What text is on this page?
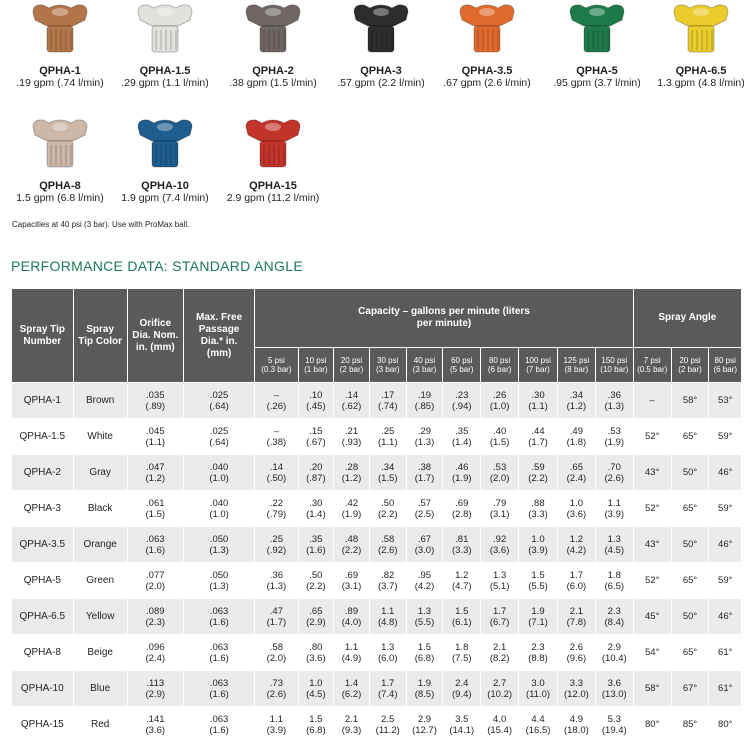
QPHA-1
.19 gpm (.74 l/min)
QPHA-1.5
.29 gpm (1.1 l/min)
QPHA-2
.38 gpm (1.5 l/min)
QPHA-3
.57 gpm (2.2 l/min)
QPHA-3.5
.67 gpm (2.6 l/min)
QPHA-5
.95 gpm (3.7 l/min)
QPHA-6.5
1.3 gpm (4.8 l/min)
QPHA-8
1.5 gpm (6.8 l/min)
QPHA-10
1.9 gpm (7.4 l/min)
QPHA-15
2.9 gpm (11.2 l/min)
Capacities at 40 psi (3 bar). Use with ProMax ball.
PERFORMANCE DATA: STANDARD ANGLE
Spray Tip Number	Spray Tip Color	Orifice Dia. Nom. in. (mm)	Max. Free Passage Dia.* in. (mm)	Capacity – gallons per minute (liters per minute)										Spray Angle		

				5 psi
(0.3 bar)	10 psi
(1 bar)	20 psi
(2 bar)	30 psi
(3 bar)	40 psi
(3 bar)	60 psi
(5 bar)	80 psi
(6 bar)	100 psi
(7 bar)	125 psi
(8 bar)	150 psi
(10 bar)	7 psi
(0.5 bar)	20 psi
(2 bar)	80 psi
(6 bar)

QPHA-1	Brown	.035
(.89)	.025
(.64)	–
(.26)	.10
(.45)	.14
(.62)	.17
(.74)	.19
(.85)	.23
(.94)	.26
(1.0)	.30
(1.1)	.34
(1.2)	.36
(1.3)	–	58°	53°
QPHA-1.5	White	.045
(1.1)	.025
(.64)	–
(.38)	.15
(.67)	.21
(.93)	.25
(1.1)	.29
(1.3)	.35
(1.4)	.40
(1.5)	.44
(1.7)	.49
(1.8)	.53
(1.9)	52°	65°	59°
QPHA-2	Gray	.047
(1.2)	.040
(1.0)	.14
(.50)	.20
(.87)	.28
(1.2)	.34
(1.5)	.38
(1.7)	.46
(1.9)	.53
(2.0)	.59
(2.2)	.65
(2.4)	.70
(2.6)	43°	50°	46°
QPHA-3	Black	.061
(1.5)	.040
(1.0)	.22
(.79)	.30
(1.4)	.42
(1.9)	.50
(2.2)	.57
(2.5)	.69
(2.8)	.79
(3.1)	.88
(3.3)	1.0
(3.6)	1.1
(3.9)	52°	65°	59°
QPHA-3.5	Orange	.063
(1.6)	.050
(1.3)	.25
(.92)	.35
(1.6)	.48
(2.2)	.58
(2.6)	.67
(3.0)	.81
(3.3)	.92
(3.6)	1.0
(3.9)	1.2
(4.2)	1.3
(4.5)	43°	50°	46°
QPHA-5	Green	.077
(2.0)	.050
(1.3)	.36
(1.3)	.50
(2.2)	.69
(3.1)	.82
(3.7)	.95
(4.2)	1.2
(4.7)	1.3
(5.1)	1.5
(5.5)	1.7
(6.0)	1.8
(6.5)	52°	65°	59°
QPHA-6.5	Yellow	.089
(2.3)	.063
(1.6)	.47
(1.7)	.65
(2.9)	.89
(4.0)	1.1
(4.8)	1.3
(5.5)	1.5
(6.1)	1.7
(6.7)	1.9
(7.1)	2.1
(7.8)	2.3
(8.4)	45°	50°	46°
QPHA-8	Beige	.096
(2.4)	.063
(1.6)	.58
(2.0)	.80
(3.6)	1.1
(4.9)	1.3
(6.0)	1.5
(6.8)	1.8
(7.5)	2.1
(8.2)	2.3
(8.8)	2.6
(9.6)	2.9
(10.4)	54°	65°	61°
QPHA-10	Blue	.113
(2.9)	.063
(1.6)	.73
(2.6)	1.0
(4.5)	1.4
(6.2)	1.7
(7.4)	1.9
(8.5)	2.4
(9.4)	2.7
(10.2)	3.0
(11.0)	3.3
(12.0)	3.6
(13.0)	58°	67°	61°
QPHA-15	Red	.141
(3.6)	.063
(1.6)	1.1
(3.9)	1.5
(6.8)	2.1
(9.3)	2.5
(11.2)	2.9
(12.7)	3.5
(14.1)	4.0
(15.4)	4.4
(16.5)	4.9
(18.0)	5.3
(19.4)	80°	85°	80°
